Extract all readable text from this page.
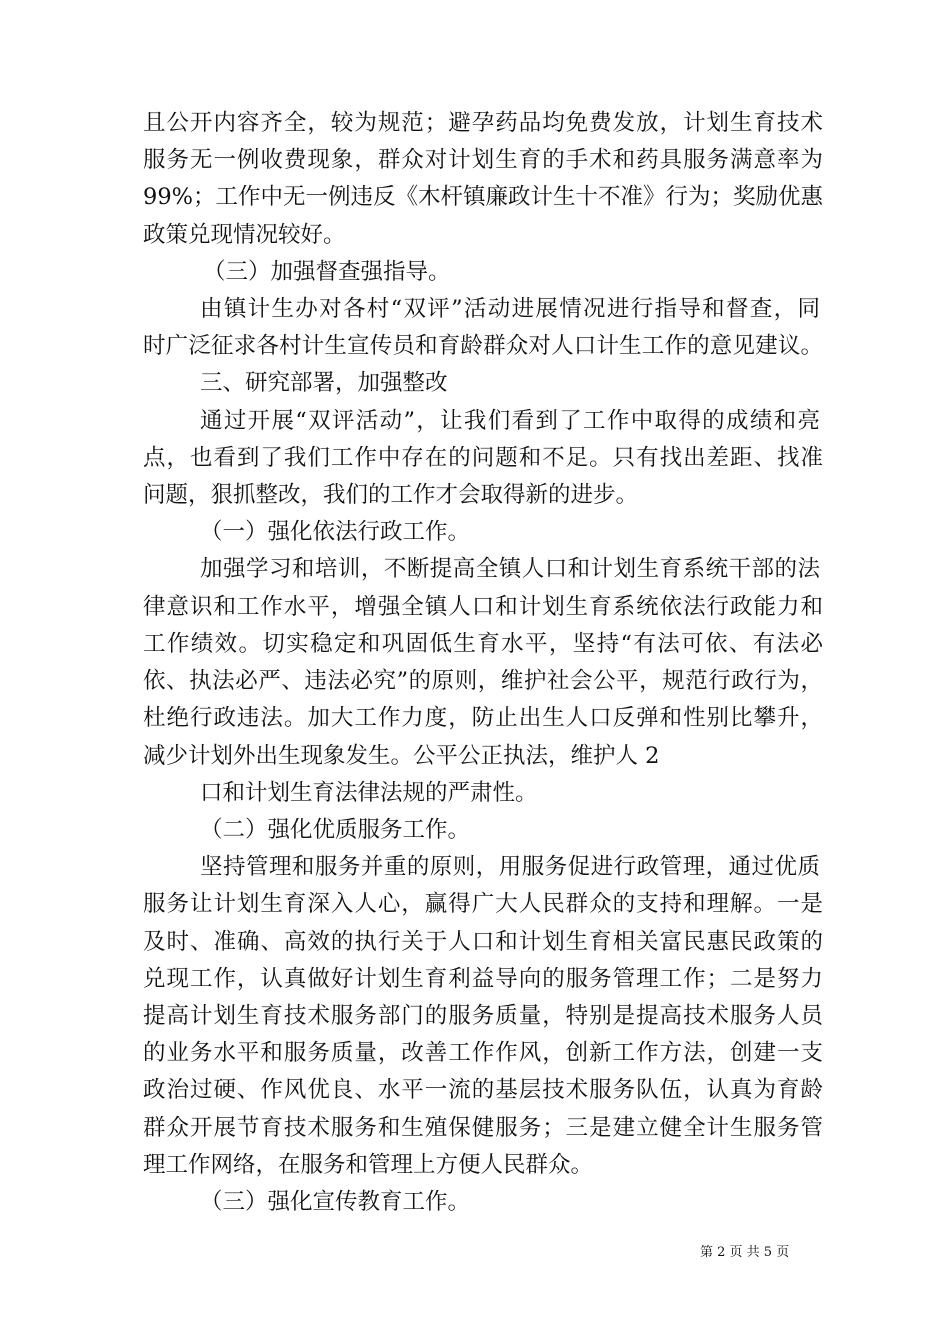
且公开内容齐全，较为规范；避孕药品均免费发放，计划生育技术
服务无一例收费现象，群众对计划生育的手术和药具服务满意率为
99%；工作中无一例违反《木杆镇廉政计生十不准》行为；奖励优惠
政策兑现情况较好。
（三）加强督查强指导。
由镇计生办对各村“双评”活动进展情况进行指导和督查，同
时广泛征求各村计生宣传员和育龄群众对人口计生工作的意见建议。
三、研究部署，加强整改
通过开展“双评活动”，让我们看到了工作中取得的成绩和亮
点，也看到了我们工作中存在的问题和不足。只有找出差距、找准
问题，狠抓整改，我们的工作才会取得新的进步。
（一）强化依法行政工作。
加强学习和培训，不断提高全镇人口和计划生育系统干部的法
律意识和工作水平，增强全镇人口和计划生育系统依法行政能力和
工作绩效。切实稳定和巩固低生育水平，坚持“有法可依、有法必
依、执法必严、违法必究”的原则，维护社会公平，规范行政行为，
杜绝行政违法。加大工作力度，防止出生人口反弹和性别比攀升，
减少计划外出生现象发生。公平公正执法，维护人 2
口和计划生育法律法规的严肃性。
（二）强化优质服务工作。
坚持管理和服务并重的原则，用服务促进行政管理，通过优质
服务让计划生育深入人心，赢得广大人民群众的支持和理解。一是
及时、准确、高效的执行关于人口和计划生育相关富民惠民政策的
兑现工作，认真做好计划生育利益导向的服务管理工作；二是努力
提高计划生育技术服务部门的服务质量，特别是提高技术服务人员
的业务水平和服务质量，改善工作作风，创新工作方法，创建一支
政治过硬、作风优良、水平一流的基层技术服务队伍，认真为育龄
群众开展节育技术服务和生殖保健服务；三是建立健全计生服务管
理工作网络，在服务和管理上方便人民群众。
（三）强化宣传教育工作。
第 2 页 共 5 页
